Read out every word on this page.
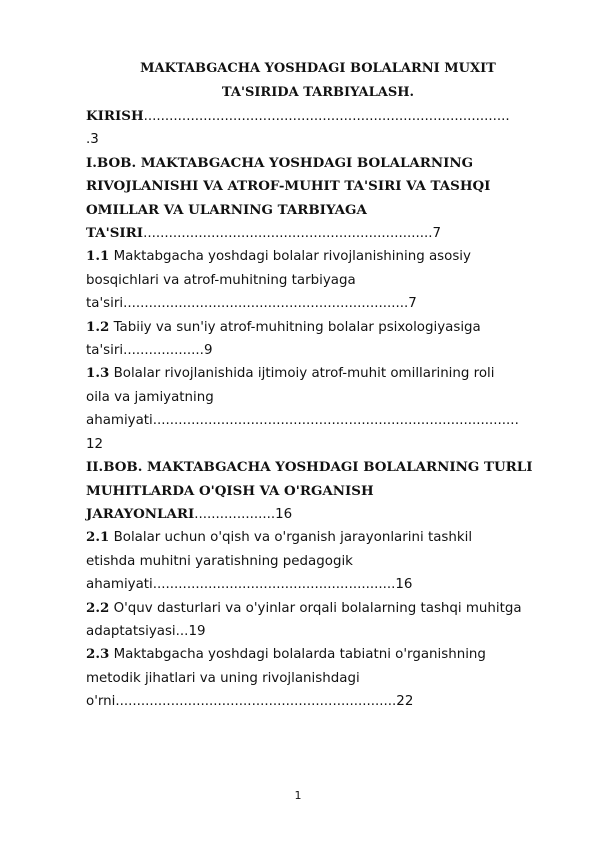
MAKTABGACHA YOSHDAGI BOLALARNI MUXIT
TA'SIRIDA TARBIYALASH.

KIRISH......................................................................................

.3

I.BOB. MAKTABGACHA YOSHDAGI BOLALARNING

RIVOJLANISHI VA ATROF-MUHIT TA'SIRI VA TASHQI

OMILLAR VA ULARNING TARBIYAGA

TA'SIRI....................................................................7

1.1 Maktabgacha yoshdagi bolalar rivojlanishining asosiy

bosqichlari va atrof-muhitning tarbiyaga

ta'siri...................................................................7

1.2 Tabiiy va sun'iy atrof-muhitning bolalar psixologiyasiga

ta'siri...................9

1.3 Bolalar rivojlanishida ijtimoiy atrof-muhit omillarining roli

oila va jamiyatning

ahamiyati......................................................................................

12

II.BOB. MAKTABGACHA YOSHDAGI BOLALARNING TURLI

MUHITLARDA O'QISH VA O'RGANISH

JARAYONLARI...................16

2.1 Bolalar uchun o'qish va o'rganish jarayonlarini tashkil

etishda muhitni yaratishning pedagogik

ahamiyati.........................................................16

2.2 O'quv dasturlari va o'yinlar orqali bolalarning tashqi muhitga

adaptatsiyasi...19

2.3 Maktabgacha yoshdagi bolalarda tabiatni o'rganishning

metodik jihatlari va uning rivojlanishdagi

o'rni..................................................................22

1
